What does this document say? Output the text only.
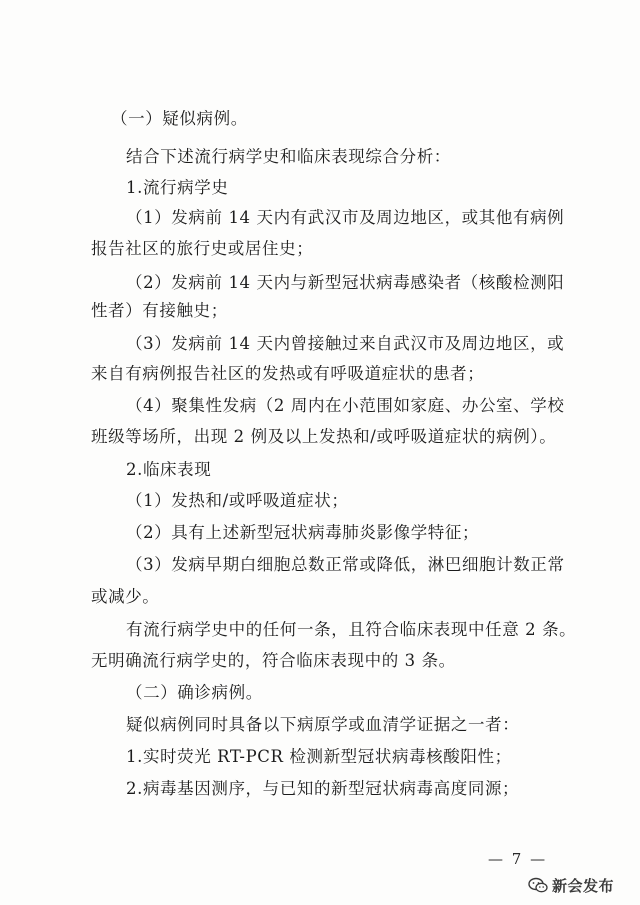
（一）疑似病例。
结合下述流行病学史和临床表现综合分析：
1.流行病学史
（1）发病前 14 天内有武汉市及周边地区，或其他有病例
报告社区的旅行史或居住史；
（2）发病前 14 天内与新型冠状病毒感染者（核酸检测阳
性者）有接触史；
（3）发病前 14 天内曾接触过来自武汉市及周边地区，或
来自有病例报告社区的发热或有呼吸道症状的患者；
（4）聚集性发病（2 周内在小范围如家庭、办公室、学校
班级等场所，出现 2 例及以上发热和/或呼吸道症状的病例）。
2.临床表现
（1）发热和/或呼吸道症状；
（2）具有上述新型冠状病毒肺炎影像学特征；
（3）发病早期白细胞总数正常或降低，淋巴细胞计数正常
或减少。
有流行病学史中的任何一条，且符合临床表现中任意 2 条。
无明确流行病学史的，符合临床表现中的 3 条。
（二）确诊病例。
疑似病例同时具备以下病原学或血清学证据之一者：
1.实时荧光 RT-PCR 检测新型冠状病毒核酸阳性；
2.病毒基因测序，与已知的新型冠状病毒高度同源；
— 7 —
新会发布
